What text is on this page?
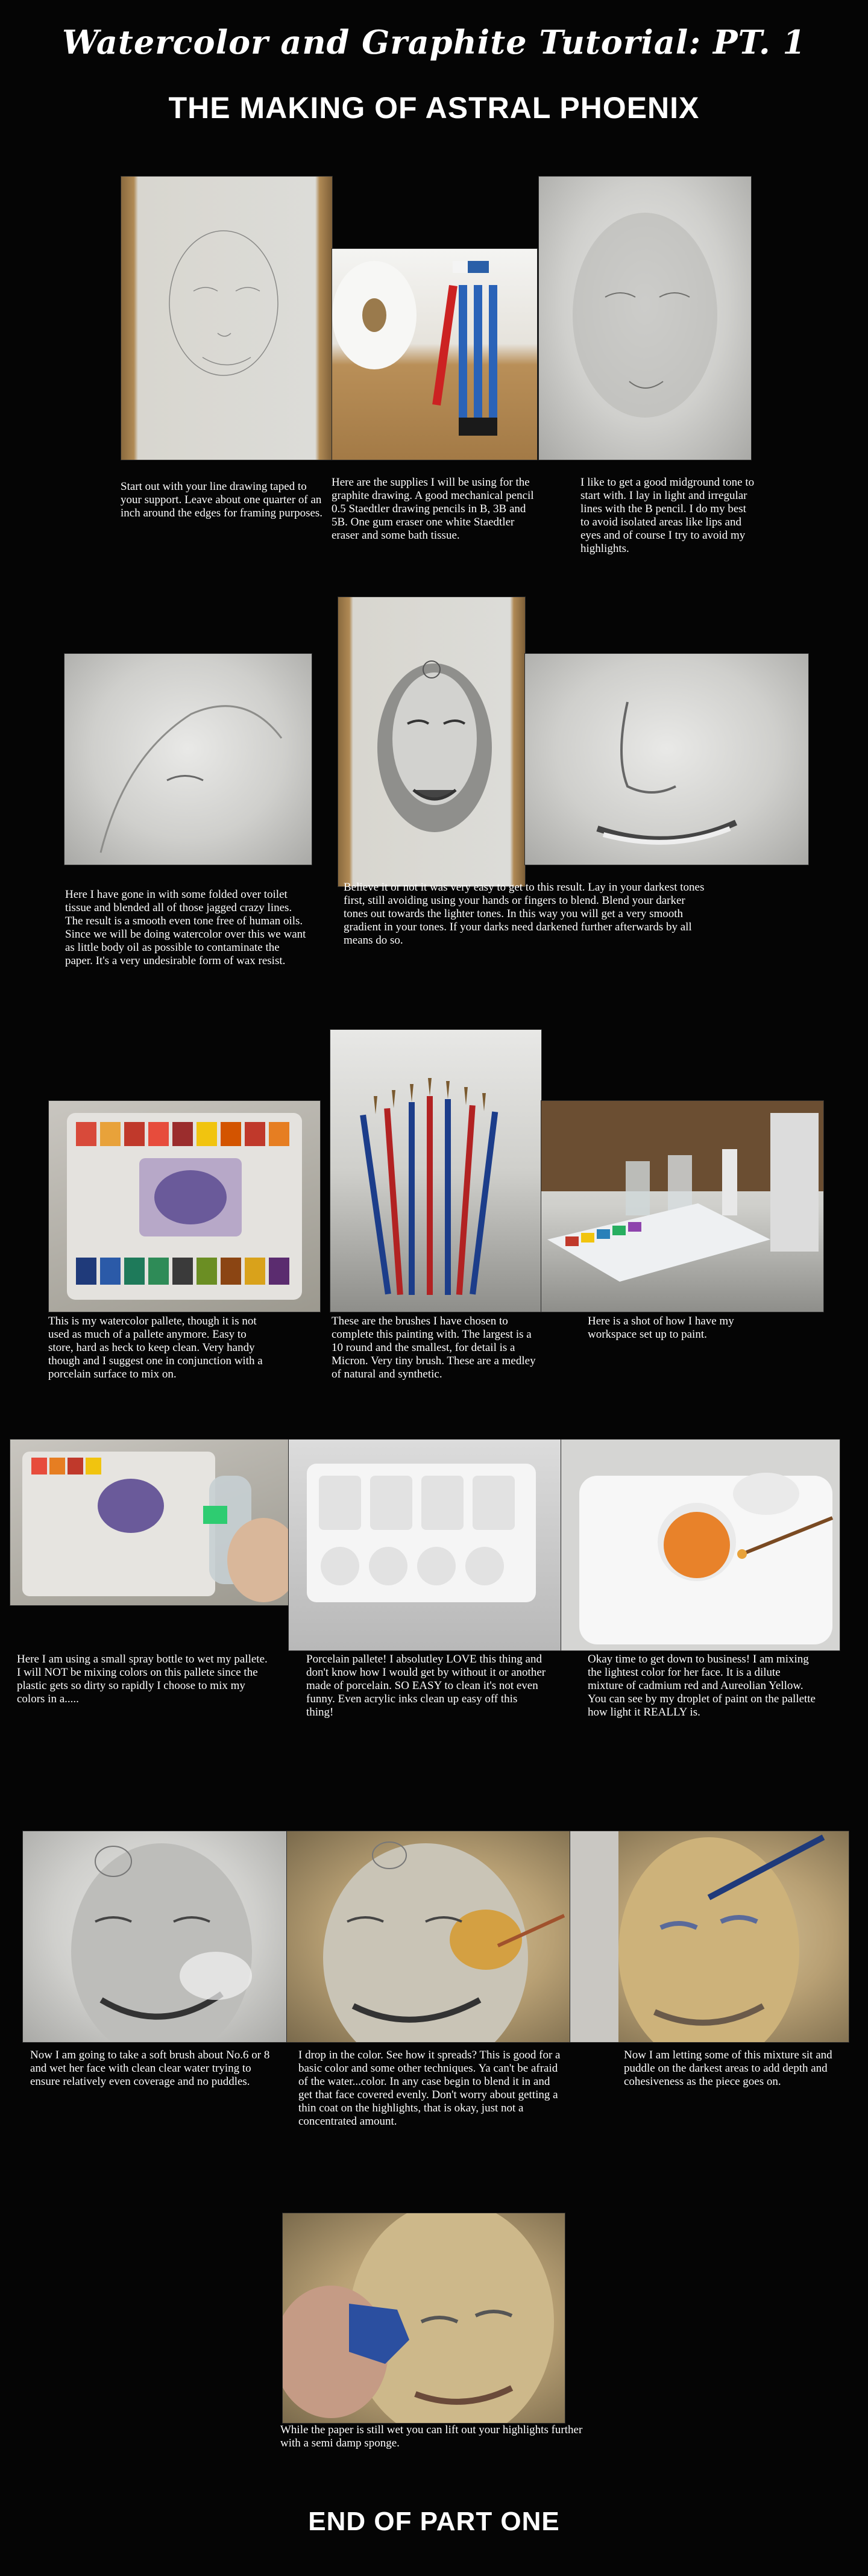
Watercolor and Graphite Tutorial: PT. 1
THE MAKING OF ASTRAL PHOENIX
Start out with your line drawing taped to your support. Leave about one quarter of an inch around the edges for framing purposes.
Here are the supplies I will be using for the graphite drawing. A good mechanical pencil 0.5 Staedtler drawing pencils in B, 3B and 5B. One gum eraser one white Staedtler eraser and some bath tissue.
I like to get a good midground tone to start with. I lay in light and irregular lines with the B pencil. I do my best to avoid isolated areas like lips and eyes and of course I try to avoid my highlights.
Here I have gone in with some folded over toilet tissue and blended all of those jagged crazy lines. The result is a smooth even tone free of human oils. Since we will be doing watercolor over this we want as little body oil as possible to contaminate the paper. It's a very undesirable form of wax resist.
Believe it or not it was very easy to get to this result. Lay in your darkest tones first, still avoiding using your hands or fingers to blend. Blend your darker tones out towards the lighter tones. In this way you will get a very smooth gradient in your tones. If your darks need darkened further afterwards by all means do so.
This is my watercolor pallete, though it is not used as much of a pallete anymore. Easy to store, hard as heck to keep clean. Very handy though and I suggest one in conjunction with a porcelain surface to mix on.
These are the brushes I have chosen to complete this painting with. The largest is a 10 round and the smallest, for detail is a Micron. Very tiny brush. These are a medley of natural and synthetic.
Here is a shot of how I have my workspace set up to paint.
Here I am using a small spray bottle to wet my pallete. I will NOT be mixing colors on this pallete since the plastic gets so dirty so rapidly I choose to mix my colors in a.....
Porcelain pallete! I absolutley LOVE this thing and don't know how I would get by without it or another made of porcelain. SO EASY to clean it's not even funny. Even acrylic inks clean up easy off this thing!
Okay time to get down to business! I am mixing the lightest color for her face. It is a dilute mixture of cadmium red and Aureolian Yellow. You can see by my droplet of paint on the pallette how light it REALLY is.
Now I am going to take a soft brush about No.6 or 8 and wet her face with clean clear water trying to ensure relatively even coverage and no puddles.
I drop in the color. See how it spreads? This is good for a basic color and some other techniques. Ya can't be afraid of the water...color. In any case begin to blend it in and get that face covered evenly. Don't worry about getting a thin coat on the highlights, that is okay, just not a concentrated amount.
Now I am letting some of this mixture sit and puddle on the darkest areas to add depth and cohesiveness as the piece goes on.
While the paper is still wet you can lift out your highlights further with a semi damp sponge.
END OF PART ONE
